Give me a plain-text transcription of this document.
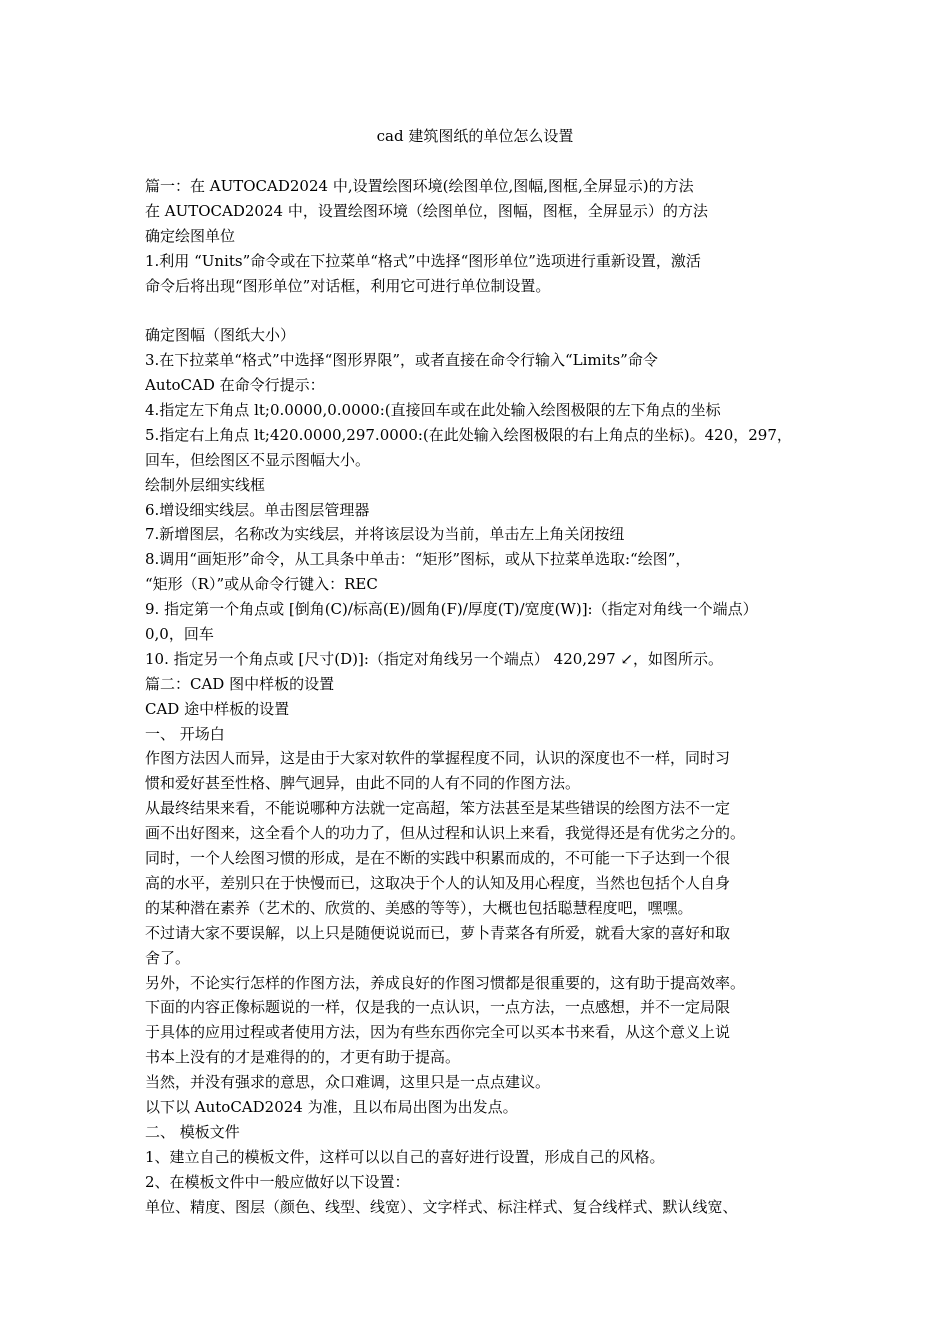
cad 建筑图纸的单位怎么设置
篇一：在 AUTOCAD2024 中,设置绘图环境(绘图单位,图幅,图框,全屏显示)的方法
在 AUTOCAD2024 中，设置绘图环境（绘图单位，图幅，图框，全屏显示）的方法
确定绘图单位
1.利用 “Units”命令或在下拉菜单“格式”中选择“图形单位”选项进行重新设置，激活
命令后将出现“图形单位”对话框，利用它可进行单位制设置。
确定图幅（图纸大小）
3.在下拉菜单“格式”中选择“图形界限”，或者直接在命令行输入“Limits”命令
AutoCAD 在命令行提示：
4.指定左下角点 lt;0.0000,0.0000:(直接回车或在此处输入绘图极限的左下角点的坐标
5.指定右上角点 lt;420.0000,297.0000:(在此处输入绘图极限的右上角点的坐标)。420，297，
回车，但绘图区不显示图幅大小。
绘制外层细实线框
6.增设细实线层。单击图层管理器
7.新增图层，名称改为实线层，并将该层设为当前，单击左上角关闭按纽
8.调用“画矩形”命令，从工具条中单击：“矩形”图标，或从下拉菜单选取:“绘图”，
“矩形（R）”或从命令行键入：REC
9. 指定第一个角点或 [倒角(C)/标高(E)/圆角(F)/厚度(T)/宽度(W)]:（指定对角线一个端点）
0,0，回车
10. 指定另一个角点或 [尺寸(D)]:（指定对角线另一个端点） 420,297 ↙，如图所示。
篇二：CAD 图中样板的设置
CAD 途中样板的设置
一、 开场白
作图方法因人而异，这是由于大家对软件的掌握程度不同，认识的深度也不一样，同时习
惯和爱好甚至性格、脾气迥异，由此不同的人有不同的作图方法。
从最终结果来看，不能说哪种方法就一定高超，笨方法甚至是某些错误的绘图方法不一定
画不出好图来，这全看个人的功力了，但从过程和认识上来看，我觉得还是有优劣之分的。
同时，一个人绘图习惯的形成，是在不断的实践中积累而成的，不可能一下子达到一个很
高的水平，差别只在于快慢而已，这取决于个人的认知及用心程度，当然也包括个人自身
的某种潜在素养（艺术的、欣赏的、美感的等等），大概也包括聪慧程度吧，嘿嘿。
不过请大家不要误解，以上只是随便说说而已，萝卜青菜各有所爱，就看大家的喜好和取
舍了。
另外，不论实行怎样的作图方法，养成良好的作图习惯都是很重要的，这有助于提高效率。
下面的内容正像标题说的一样，仅是我的一点认识，一点方法，一点感想，并不一定局限
于具体的应用过程或者使用方法，因为有些东西你完全可以买本书来看，从这个意义上说
书本上没有的才是难得的的，才更有助于提高。
当然，并没有强求的意思，众口难调，这里只是一点点建议。
以下以 AutoCAD2024 为准，且以布局出图为出发点。
二、 模板文件
1、建立自己的模板文件，这样可以以自己的喜好进行设置，形成自己的风格。
2、在模板文件中一般应做好以下设置：
单位、精度、图层（颜色、线型、线宽）、文字样式、标注样式、复合线样式、默认线宽、
